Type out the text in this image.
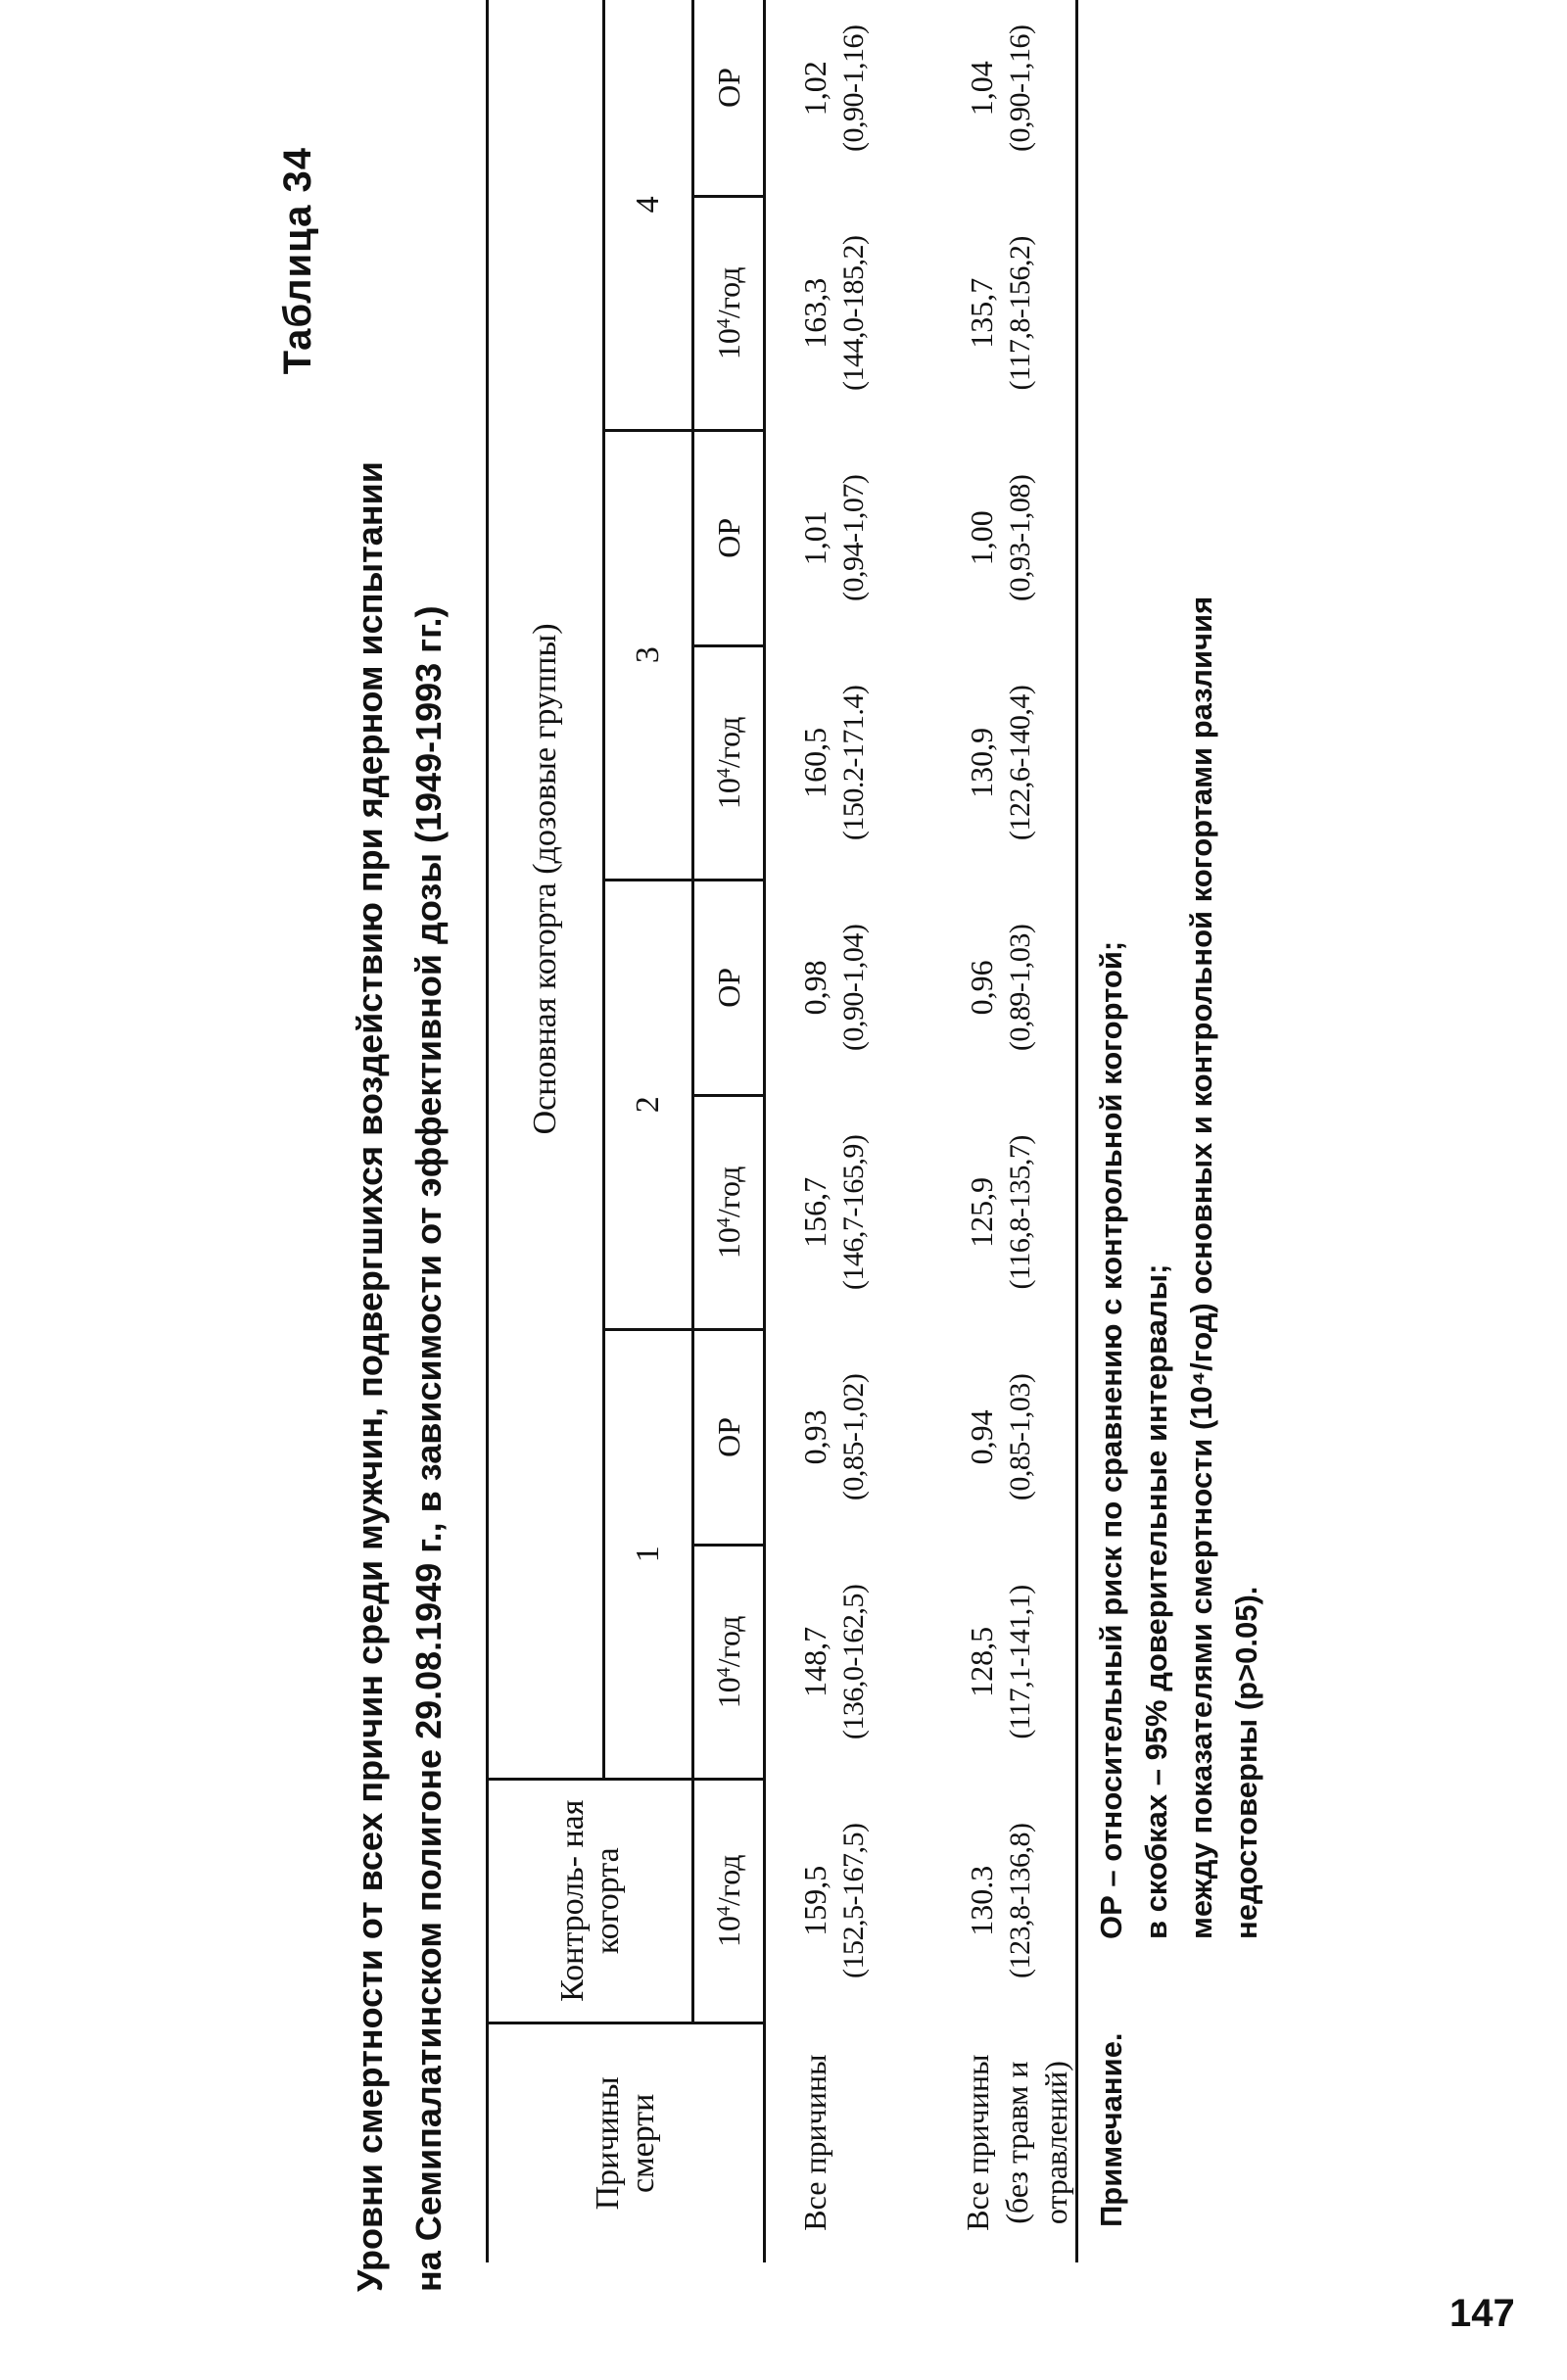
Таблица 34
Уровни смертности от всех причин среди мужчин, подвергшихся воздействию при ядерном испытании на Семипалатинском полигоне 29.08.1949 г., в зависимости от эффективной дозы (1949-1993 гг.)	Причины смерти	Контроль- ная когорта	Основная когорта (дозовые группы)							
		1		2		3		4	
	$10^4$/год	$10^4$/год	ОР	$10^4$/год	ОР	$10^4$/год	ОР	$10^4$/год	ОР
Все причины	159,5 (152,5-167,5)	148,7 (136,0-162,5)	0,93 (0,85-1,02)	156,7 (146,7-165,9)	0,98 (0,90-1,04)	160,5 (150.2-171.4)	1,01 (0,94-1,07)	163,3 (144,0-185,2)	1,02 (0,90-1,16)

Все причины (без травм и отравлений)	130.3 (123,8-136,8)	128,5 (117,1-141,1)	0,94 (0,85-1,03)	125,9 (116,8-135,7)	0,96 (0,89-1,03)	130,9 (122,6-140,4)	1,00 (0,93-1,08)	135,7 (117,8-156,2)	1,04 (0,90-1,16)
Примечание.
ОР – относительный риск по сравнению с контрольной когортой; в скобках – 95% доверительные интервалы; между показателями смертности (10⁴/год) основных и контрольной когортами различия недостоверны (р>0.05).
147
